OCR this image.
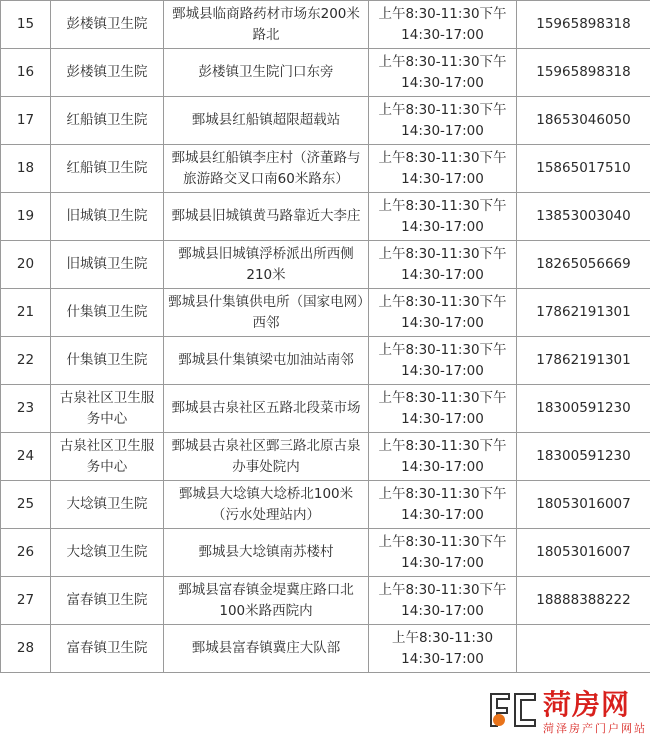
15	彭楼镇卫生院	鄄城县临商路药材市场东200米路北	上午8:30-11:30下午
14:30-17:00	15965898318
16	彭楼镇卫生院	彭楼镇卫生院门口东旁	上午8:30-11:30下午
14:30-17:00	15965898318
17	红船镇卫生院	鄄城县红船镇超限超载站	上午8:30-11:30下午
14:30-17:00	18653046050
18	红船镇卫生院	鄄城县红船镇李庄村（济董路与旅游路交叉口南60米路东）	上午8:30-11:30下午
14:30-17:00	15865017510
19	旧城镇卫生院	鄄城县旧城镇黄马路靠近大李庄	上午8:30-11:30下午
14:30-17:00	13853003040
20	旧城镇卫生院	鄄城县旧城镇浮桥派出所西侧210米	上午8:30-11:30下午
14:30-17:00	18265056669
21	什集镇卫生院	鄄城县什集镇供电所（国家电网）西邻	上午8:30-11:30下午
14:30-17:00	17862191301
22	什集镇卫生院	鄄城县什集镇梁屯加油站南邻	上午8:30-11:30下午
14:30-17:00	17862191301
23	古泉社区卫生服务中心	鄄城县古泉社区五路北段菜市场	上午8:30-11:30下午
14:30-17:00	18300591230
24	古泉社区卫生服务中心	鄄城县古泉社区鄄三路北原古泉办事处院内	上午8:30-11:30下午
14:30-17:00	18300591230
25	大埝镇卫生院	鄄城县大埝镇大埝桥北100米（污水处理站内）	上午8:30-11:30下午
14:30-17:00	18053016007
26	大埝镇卫生院	鄄城县大埝镇南苏楼村	上午8:30-11:30下午
14:30-17:00	18053016007
27	富春镇卫生院	鄄城县富春镇金堤冀庄路口北100米路西院内	上午8:30-11:30下午
14:30-17:00	18888388222
28	富春镇卫生院	鄄城县富春镇冀庄大队部	上午8:30-11:30
14:30-17:00	

菏房网
菏泽房产门户网站
